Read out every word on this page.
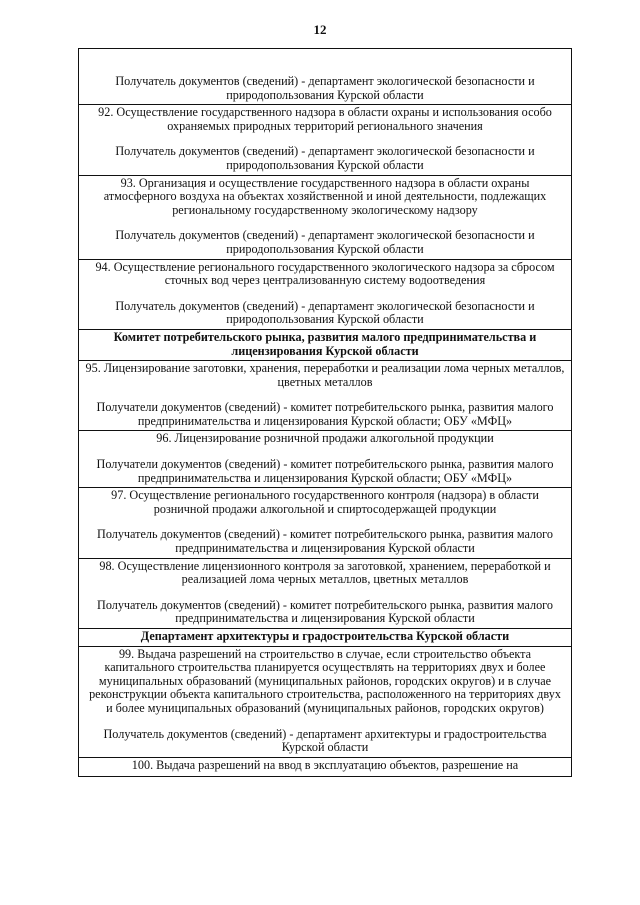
12

Получатель документов (сведений) - департамент экологической безопасности и природопользования Курской области

92. Осуществление государственного надзора в области охраны и использования особо охраняемых природных территорий регионального значения

Получатель документов (сведений) - департамент экологической безопасности и природопользования Курской области

93. Организация и осуществление государственного надзора в области охраны атмосферного воздуха на объектах хозяйственной и иной деятельности, подлежащих региональному государственному экологическому надзору

Получатель документов (сведений) - департамент экологической безопасности и природопользования Курской области

94. Осуществление регионального государственного экологического надзора за сбросом сточных вод через централизованную систему водоотведения

Получатель документов (сведений) - департамент экологической безопасности и природопользования Курской области

Комитет потребительского рынка, развития малого предпринимательства и лицензирования Курской области

95. Лицензирование заготовки, хранения, переработки и реализации лома черных металлов, цветных металлов

Получатели документов (сведений) - комитет потребительского рынка, развития малого предпринимательства и лицензирования Курской области; ОБУ «МФЦ»

96. Лицензирование розничной продажи алкогольной продукции

Получатели документов (сведений) - комитет потребительского рынка, развития малого предпринимательства и лицензирования Курской области; ОБУ «МФЦ»

97. Осуществление регионального государственного контроля (надзора) в области розничной продажи алкогольной и спиртосодержащей продукции

Получатель документов (сведений) - комитет потребительского рынка, развития малого предпринимательства и лицензирования Курской области

98. Осуществление лицензионного контроля за заготовкой, хранением, переработкой и реализацией лома черных металлов, цветных металлов

Получатель документов (сведений) - комитет потребительского рынка, развития малого предпринимательства и лицензирования Курской области

Департамент архитектуры и градостроительства Курской области

99. Выдача разрешений на строительство в случае, если строительство объекта капитального строительства планируется осуществлять на территориях двух и более муниципальных образований (муниципальных районов, городских округов) и в случае реконструкции объекта капитального строительства, расположенного на территориях двух и более муниципальных образований (муниципальных районов, городских округов)

Получатель документов (сведений) - департамент архитектуры и градостроительства Курской области

100. Выдача разрешений на ввод в эксплуатацию объектов, разрешение на
